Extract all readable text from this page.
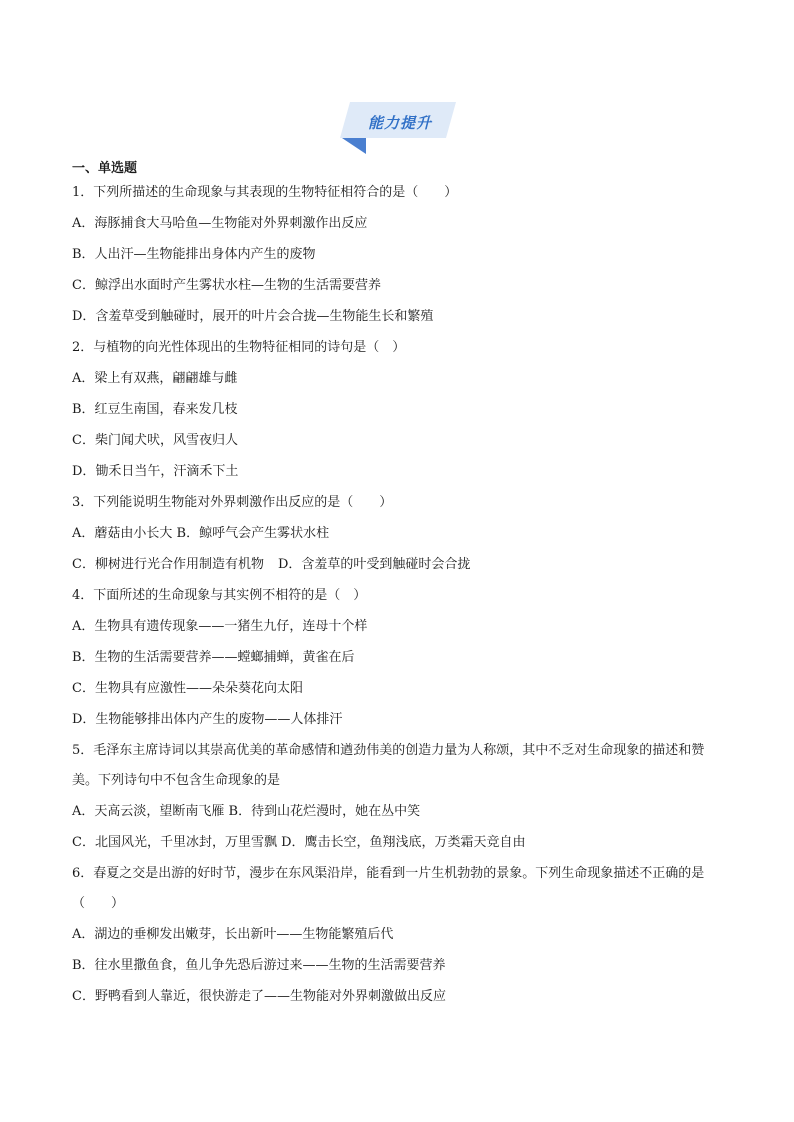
能力提升
一、单选题
1．下列所描述的生命现象与其表现的生物特征相符合的是（　　）
A．海豚捕食大马哈鱼—生物能对外界刺激作出反应
B．人出汗—生物能排出身体内产生的废物
C．鲸浮出水面时产生雾状水柱—生物的生活需要营养
D．含羞草受到触碰时，展开的叶片会合拢—生物能生长和繁殖
2．与植物的向光性体现出的生物特征相同的诗句是（　）
A．梁上有双燕，翩翩雄与雌
B．红豆生南国，春来发几枝
C．柴门闻犬吠，风雪夜归人
D．锄禾日当午，汗滴禾下土
3．下列能说明生物能对外界刺激作出反应的是（　　）
A．蘑菇由小长大 B．鲸呼气会产生雾状水柱
C．柳树进行光合作用制造有机物 D．含羞草的叶受到触碰时会合拢
4．下面所述的生命现象与其实例不相符的是（　）
A．生物具有遗传现象——一猪生九仔，连母十个样
B．生物的生活需要营养——螳螂捕蝉，黄雀在后
C．生物具有应激性——朵朵葵花向太阳
D．生物能够排出体内产生的废物——人体排汗
5．毛泽东主席诗词以其崇高优美的革命感情和遒劲伟美的创造力量为人称颂，其中不乏对生命现象的描述和赞美。下列诗句中不包含生命现象的是
A．天高云淡，望断南飞雁 B．待到山花烂漫时，她在丛中笑
C．北国风光，千里冰封，万里雪飘 D．鹰击长空，鱼翔浅底，万类霜天竞自由
6．春夏之交是出游的好时节，漫步在东风渠沿岸，能看到一片生机勃勃的景象。下列生命现象描述不正确的是（　　）
A．湖边的垂柳发出嫩芽，长出新叶——生物能繁殖后代
B．往水里撒鱼食，鱼儿争先恐后游过来——生物的生活需要营养
C．野鸭看到人靠近，很快游走了——生物能对外界刺激做出反应
